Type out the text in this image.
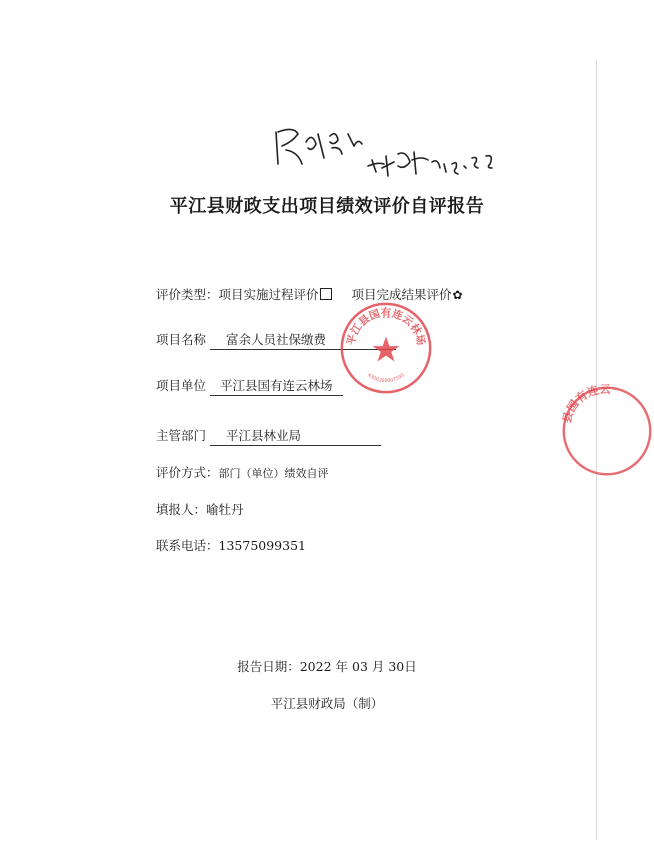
平江县财政支出项目绩效评价自评报告
评价类型：项目实施过程评价	项目完成结果评价✿
项目名称 富余人员社保缴费
项目单位 平江县国有连云林场
主管部门 平江县林业局
评价方式：部门（单位）绩效自评
填报人：喻牡丹
联系电话：13575099351
平江县国有连云林场
4306260007593
县国有连云
报告日期：2022 年 03 月 30日
平江县财政局（制）
